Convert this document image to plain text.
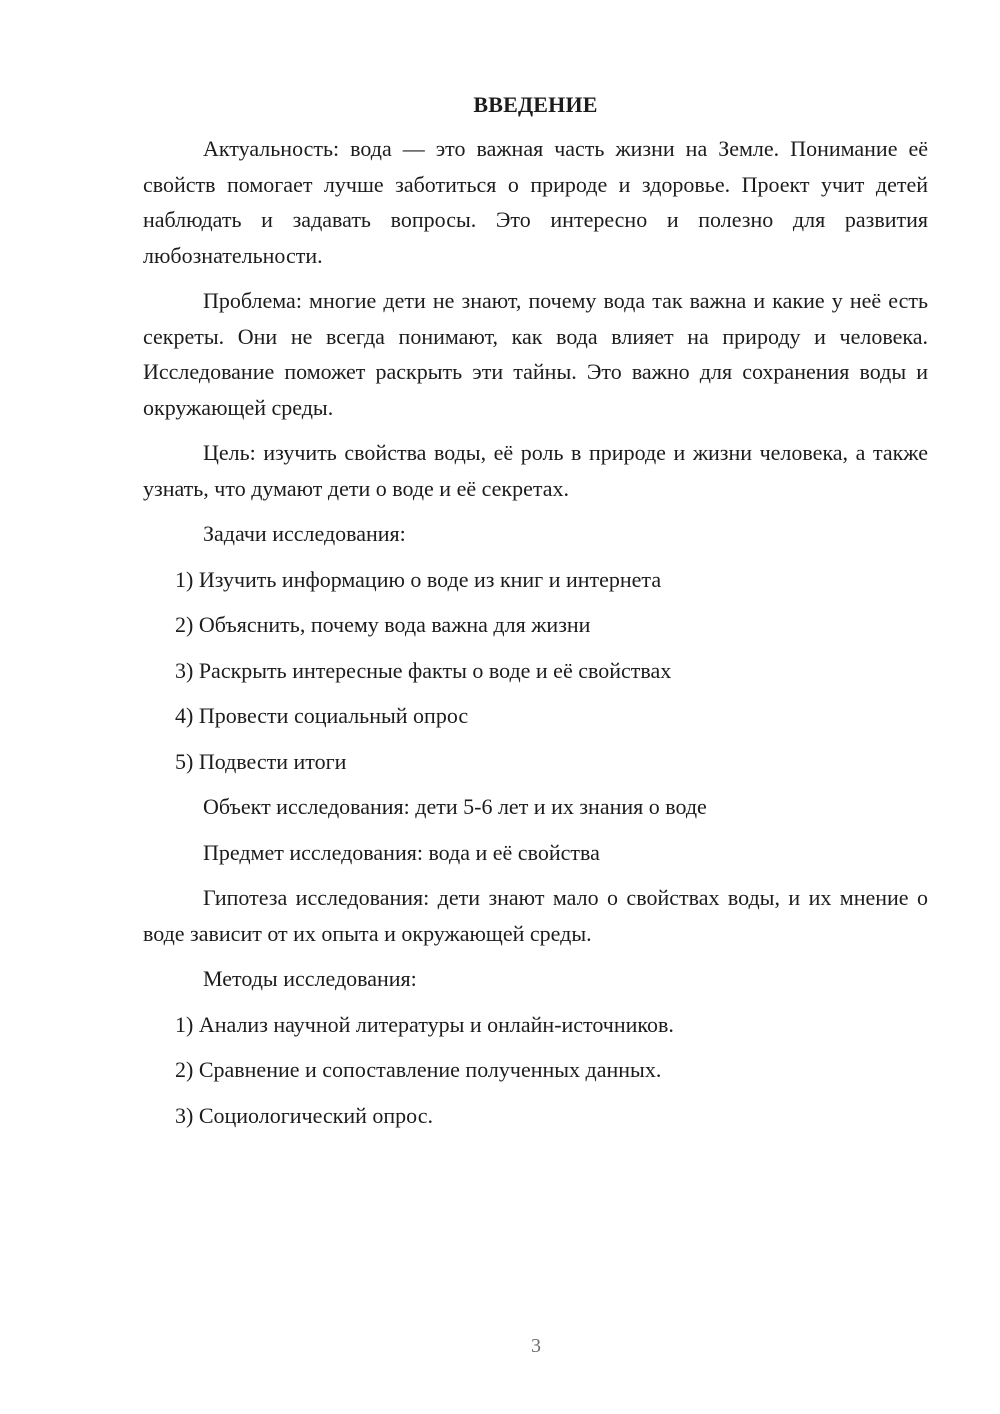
ВВЕДЕНИЕ

Актуальность: вода — это важная часть жизни на Земле. Понимание её свойств помогает лучше заботиться о природе и здоровье. Проект учит детей наблюдать и задавать вопросы. Это интересно и полезно для развития любознательности.

Проблема: многие дети не знают, почему вода так важна и какие у неё есть секреты. Они не всегда понимают, как вода влияет на природу и человека. Исследование поможет раскрыть эти тайны. Это важно для сохранения воды и окружающей среды.

Цель: изучить свойства воды, её роль в природе и жизни человека, а также узнать, что думают дети о воде и её секретах.

Задачи исследования:
1) Изучить информацию о воде из книг и интернета
2) Объяснить, почему вода важна для жизни
3) Раскрыть интересные факты о воде и её свойствах
4) Провести социальный опрос
5) Подвести итоги
Объект исследования: дети 5-6 лет и их знания о воде
Предмет исследования: вода и её свойства

Гипотеза исследования: дети знают мало о свойствах воды, и их мнение о воде зависит от их опыта и окружающей среды.

Методы исследования:
1) Анализ научной литературы и онлайн-источников.
2) Сравнение и сопоставление полученных данных.
3) Социологический опрос.
3
